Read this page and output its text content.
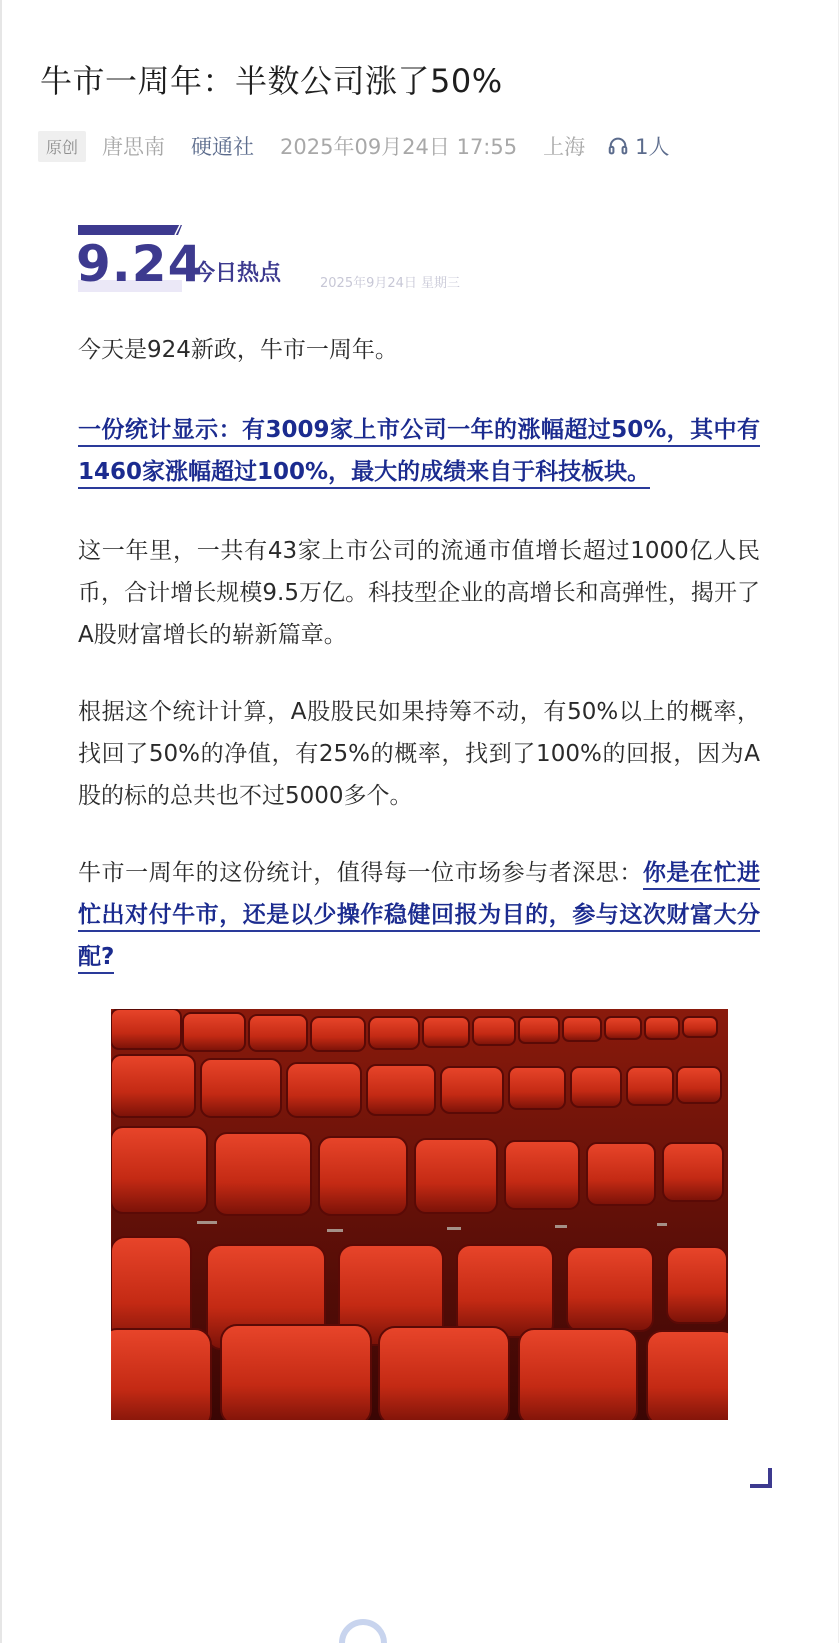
牛市一周年：半数公司涨了50%
原创	唐思南 硬通社 2025年09月24日 17:55 上海 1人
9.24
今日热点	2025年9月24日 星期三
今天是924新政，牛市一周年。
一份统计显示：有3009家上市公司一年的涨幅超过50%，其中有1460家涨幅超过100%，最大的成绩来自于科技板块。
这一年里，一共有43家上市公司的流通市值增长超过1000亿人民币，合计增长规模9.5万亿。科技型企业的高增长和高弹性，揭开了A股财富增长的崭新篇章。
根据这个统计计算，A股股民如果持筹不动，有50%以上的概率，找回了50%的净值，有25%的概率，找到了100%的回报，因为A股的标的总共也不过5000多个。
牛市一周年的这份统计，值得每一位市场参与者深思：你是在忙进忙出对付牛市，还是以少操作稳健回报为目的，参与这次财富大分配?
